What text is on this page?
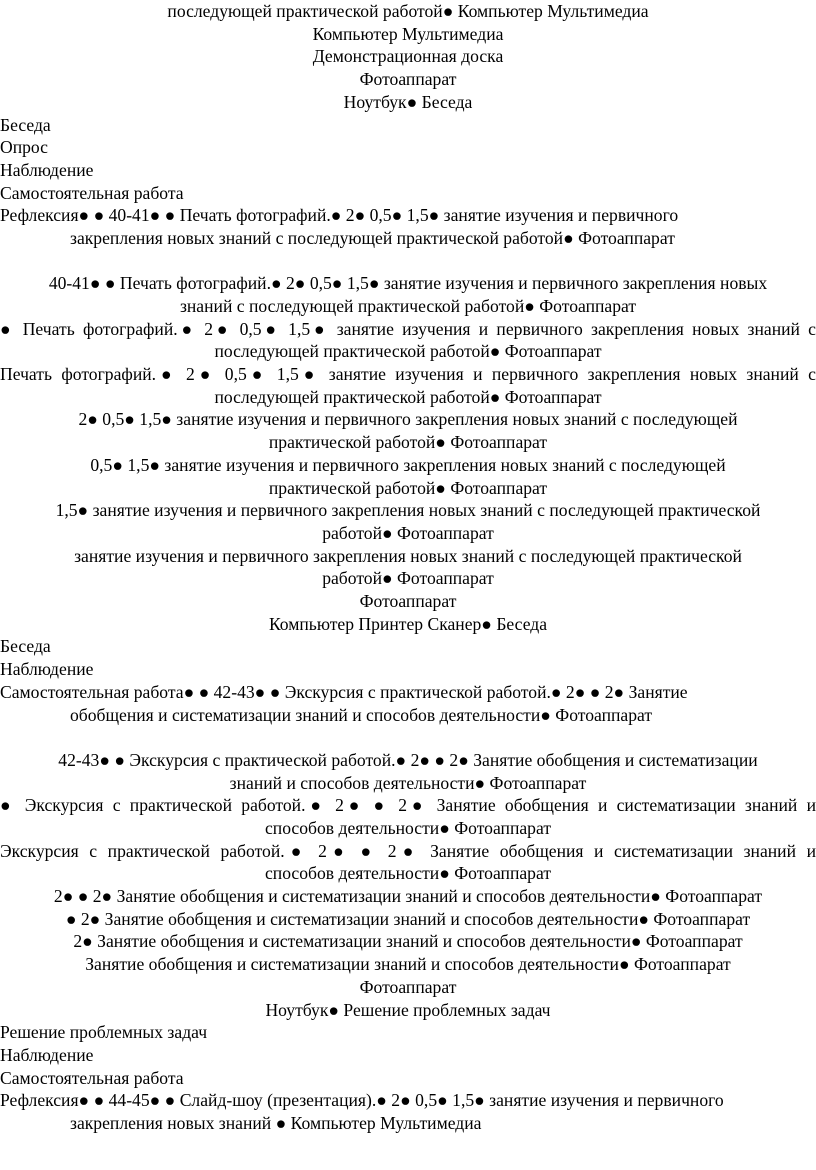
последующей практической работой● Компьютер Мультимедиа
Компьютер Мультимедиа
Демонстрационная доска
Фотоаппарат
Ноутбук● Беседа
Беседа
Опрос
Наблюдение
Самостоятельная работа
Рефлексия● ● 40-41● ● Печать фотографий.● 2● 0,5● 1,5● занятие изучения и первичного
закрепления новых знаний с последующей практической работой● Фотоаппарат
40-41● ● Печать фотографий.● 2● 0,5● 1,5● занятие изучения и первичного закрепления новых
знаний с последующей практической работой● Фотоаппарат
● Печать фотографий.● 2● 0,5● 1,5● занятие изучения и первичного закрепления новых знаний с
последующей практической работой● Фотоаппарат
Печать фотографий.● 2● 0,5● 1,5● занятие изучения и первичного закрепления новых знаний с
последующей практической работой● Фотоаппарат
2● 0,5● 1,5● занятие изучения и первичного закрепления новых знаний с последующей
практической работой● Фотоаппарат
0,5● 1,5● занятие изучения и первичного закрепления новых знаний с последующей
практической работой● Фотоаппарат
1,5● занятие изучения и первичного закрепления новых знаний с последующей практической
работой● Фотоаппарат
занятие изучения и первичного закрепления новых знаний с последующей практической
работой● Фотоаппарат
Фотоаппарат
Компьютер Принтер Сканер● Беседа
Беседа
Наблюдение
Самостоятельная работа● ● 42-43● ● Экскурсия с практической работой.● 2● ● 2● Занятие
обобщения и систематизации знаний и способов деятельности● Фотоаппарат
42-43● ● Экскурсия с практической работой.● 2● ● 2● Занятие обобщения и систематизации
знаний и способов деятельности● Фотоаппарат
● Экскурсия с практической работой.● 2● ● 2● Занятие обобщения и систематизации знаний и
способов деятельности● Фотоаппарат
Экскурсия с практической работой.● 2● ● 2● Занятие обобщения и систематизации знаний и
способов деятельности● Фотоаппарат
2● ● 2● Занятие обобщения и систематизации знаний и способов деятельности● Фотоаппарат
● 2● Занятие обобщения и систематизации знаний и способов деятельности● Фотоаппарат
2● Занятие обобщения и систематизации знаний и способов деятельности● Фотоаппарат
Занятие обобщения и систематизации знаний и способов деятельности● Фотоаппарат
Фотоаппарат
Ноутбук● Решение проблемных задач
Решение проблемных задач
Наблюдение
Самостоятельная работа
Рефлексия● ● 44-45● ● Слайд-шоу (презентация).● 2● 0,5● 1,5● занятие изучения и первичного
закрепления новых знаний ● Компьютер Мультимедиа
